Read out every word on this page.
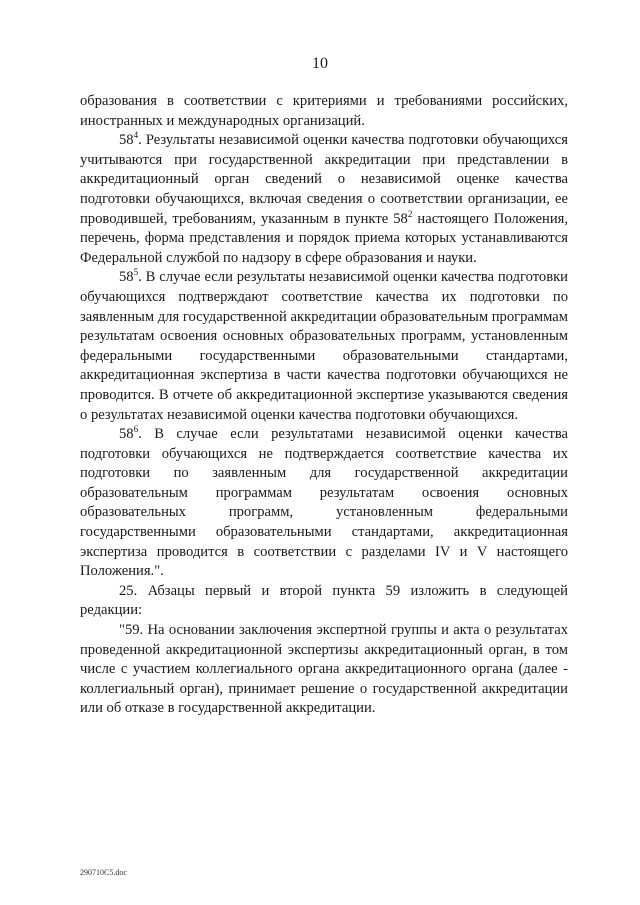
10

образования в соответствии с критериями и требованиями российских, иностранных и международных организаций.

$58^4$. Результаты независимой оценки качества подготовки обучающихся учитываются при государственной аккредитации при представлении в аккредитационный орган сведений о независимой оценке качества подготовки обучающихся, включая сведения о соответствии организации, ее проводившей, требованиям, указанным в пункте $58^2$ настоящего Положения, перечень, форма представления и порядок приема которых устанавливаются Федеральной службой по надзору в сфере образования и науки.

$58^5$. В случае если результаты независимой оценки качества подготовки обучающихся подтверждают соответствие качества их подготовки по заявленным для государственной аккредитации образовательным программам результатам освоения основных образовательных программ, установленным федеральными государственными образовательными стандартами, аккредитационная экспертиза в части качества подготовки обучающихся не проводится. В отчете об аккредитационной экспертизе указываются сведения о результатах независимой оценки качества подготовки обучающихся.

$58^6$. В случае если результатами независимой оценки качества подготовки обучающихся не подтверждается соответствие качества их подготовки по заявленным для государственной аккредитации образовательным программам результатам освоения основных образовательных программ, установленным федеральными государственными образовательными стандартами, аккредитационная экспертиза проводится в соответствии с разделами IV и V настоящего Положения.".

25. Абзацы первый и второй пункта 59 изложить в следующей редакции:

"59. На основании заключения экспертной группы и акта о результатах проведенной аккредитационной экспертизы аккредитационный орган, в том числе с участием коллегиального органа аккредитационного органа (далее - коллегиальный орган), принимает решение о государственной аккредитации или об отказе в государственной аккредитации.

290710С5.doc
